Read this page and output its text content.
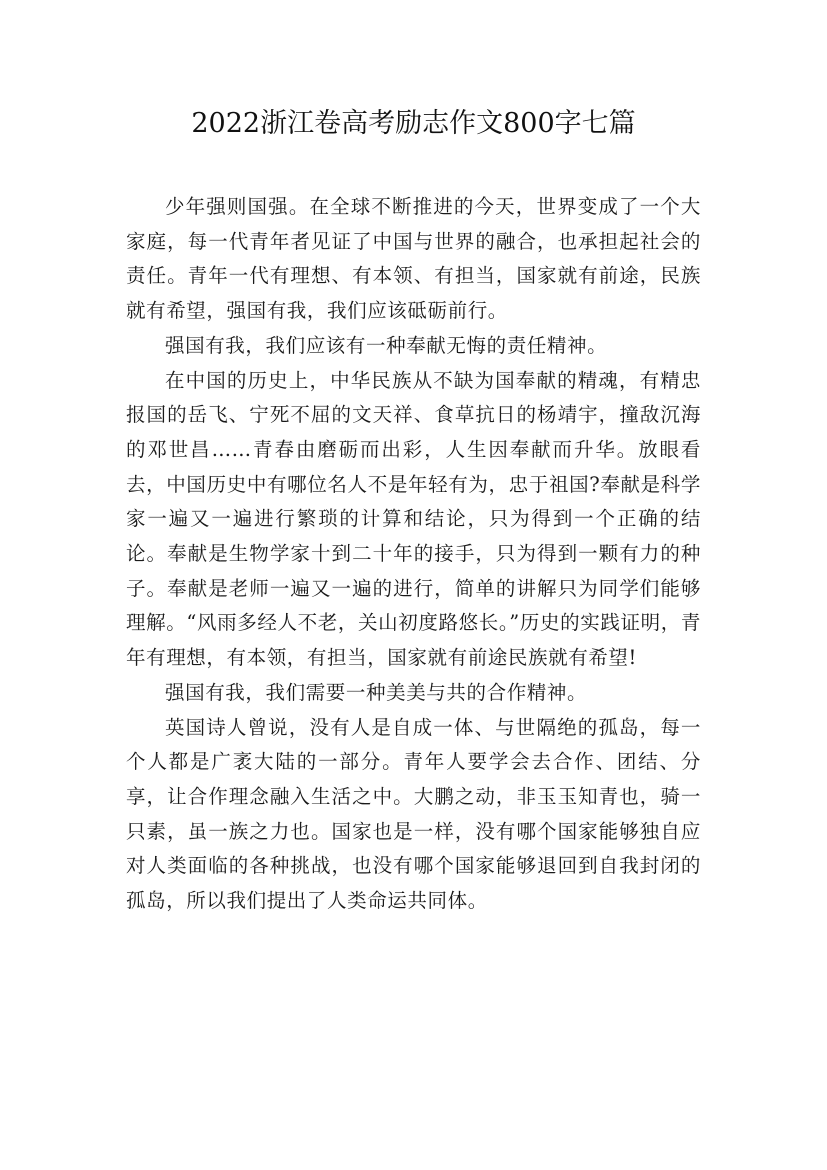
2022浙江卷高考励志作文800字七篇

少年强则国强。在全球不断推进的今天，世界变成了一个大家庭，每一代青年者见证了中国与世界的融合，也承担起社会的责任。青年一代有理想、有本领、有担当，国家就有前途，民族就有希望，强国有我，我们应该砥砺前行。

强国有我，我们应该有一种奉献无悔的责任精神。

在中国的历史上，中华民族从不缺为国奉献的精魂，有精忠报国的岳飞、宁死不屈的文天祥、食草抗日的杨靖宇，撞敌沉海的邓世昌……青春由磨砺而出彩，人生因奉献而升华。放眼看去，中国历史中有哪位名人不是年轻有为，忠于祖国?奉献是科学家一遍又一遍进行繁琐的计算和结论，只为得到一个正确的结论。奉献是生物学家十到二十年的接手，只为得到一颗有力的种子。奉献是老师一遍又一遍的进行，简单的讲解只为同学们能够理解。“风雨多经人不老，关山初度路悠长。”历史的实践证明，青年有理想，有本领，有担当，国家就有前途民族就有希望!

强国有我，我们需要一种美美与共的合作精神。

英国诗人曾说，没有人是自成一体、与世隔绝的孤岛，每一个人都是广袤大陆的一部分。青年人要学会去合作、团结、分享，让合作理念融入生活之中。大鹏之动，非玉玉知青也，骑一只素，虽一族之力也。国家也是一样，没有哪个国家能够独自应对人类面临的各种挑战，也没有哪个国家能够退回到自我封闭的孤岛，所以我们提出了人类命运共同体。
